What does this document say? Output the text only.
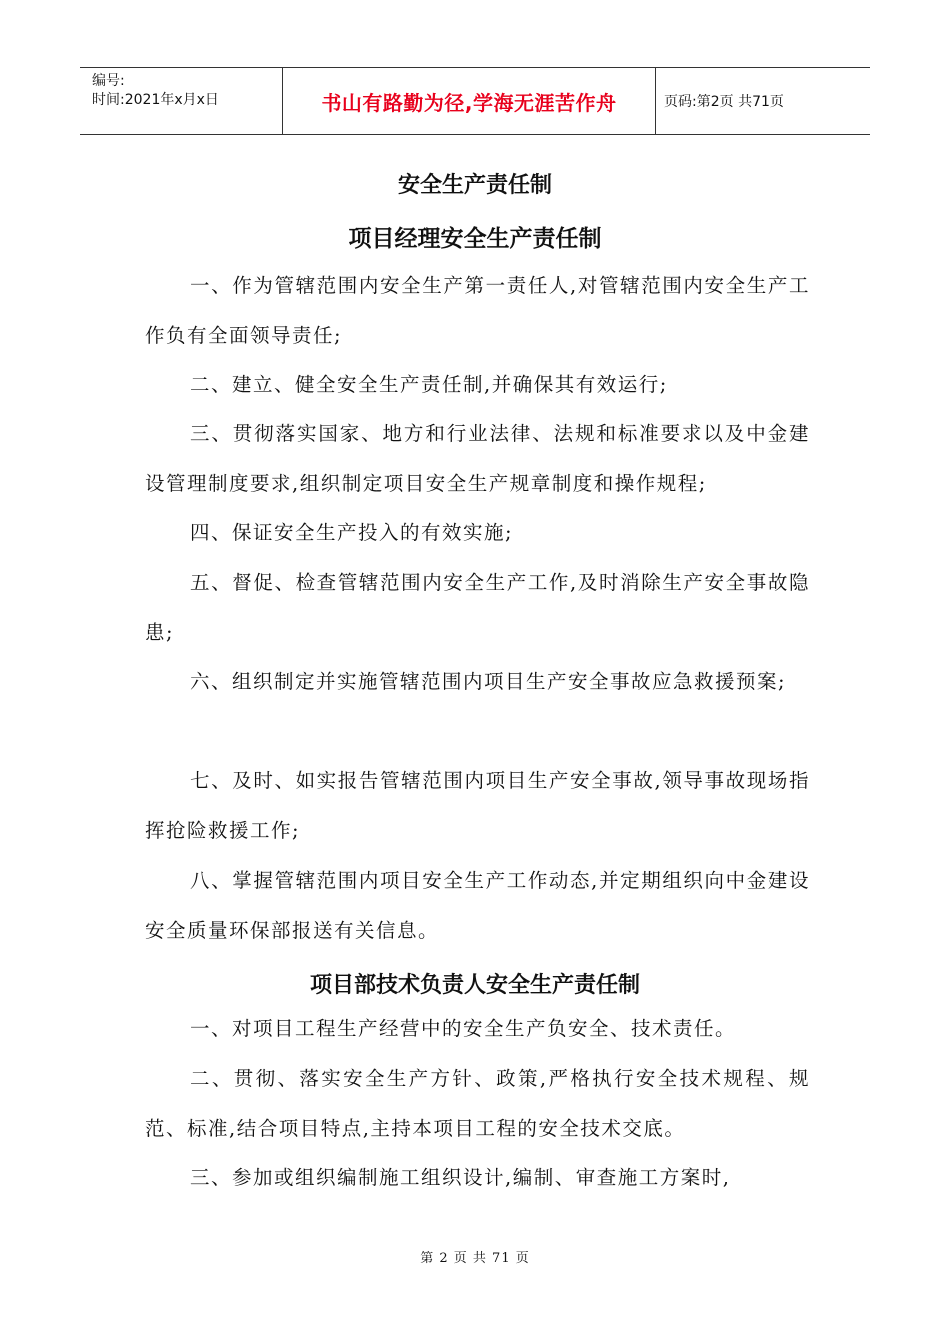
编号:
时间:2021年x月x日	书山有路勤为径,学海无涯苦作舟	页码:第2页 共71页
安全生产责任制
项目经理安全生产责任制

一、作为管辖范围内安全生产第一责任人,对管辖范围内安全生产工作负有全面领导责任;

二、建立、健全安全生产责任制,并确保其有效运行;

三、贯彻落实国家、地方和行业法律、法规和标准要求以及中金建设管理制度要求,组织制定项目安全生产规章制度和操作规程;

四、保证安全生产投入的有效实施;

五、督促、检查管辖范围内安全生产工作,及时消除生产安全事故隐患;

六、组织制定并实施管辖范围内项目生产安全事故应急救援预案;

七、及时、如实报告管辖范围内项目生产安全事故,领导事故现场指挥抢险救援工作;

八、掌握管辖范围内项目安全生产工作动态,并定期组织向中金建设安全质量环保部报送有关信息。

项目部技术负责人安全生产责任制

一、对项目工程生产经营中的安全生产负安全、技术责任。

二、贯彻、落实安全生产方针、政策,严格执行安全技术规程、规范、标准,结合项目特点,主持本项目工程的安全技术交底。

三、参加或组织编制施工组织设计,编制、审查施工方案时,

第 2 页 共 71 页
